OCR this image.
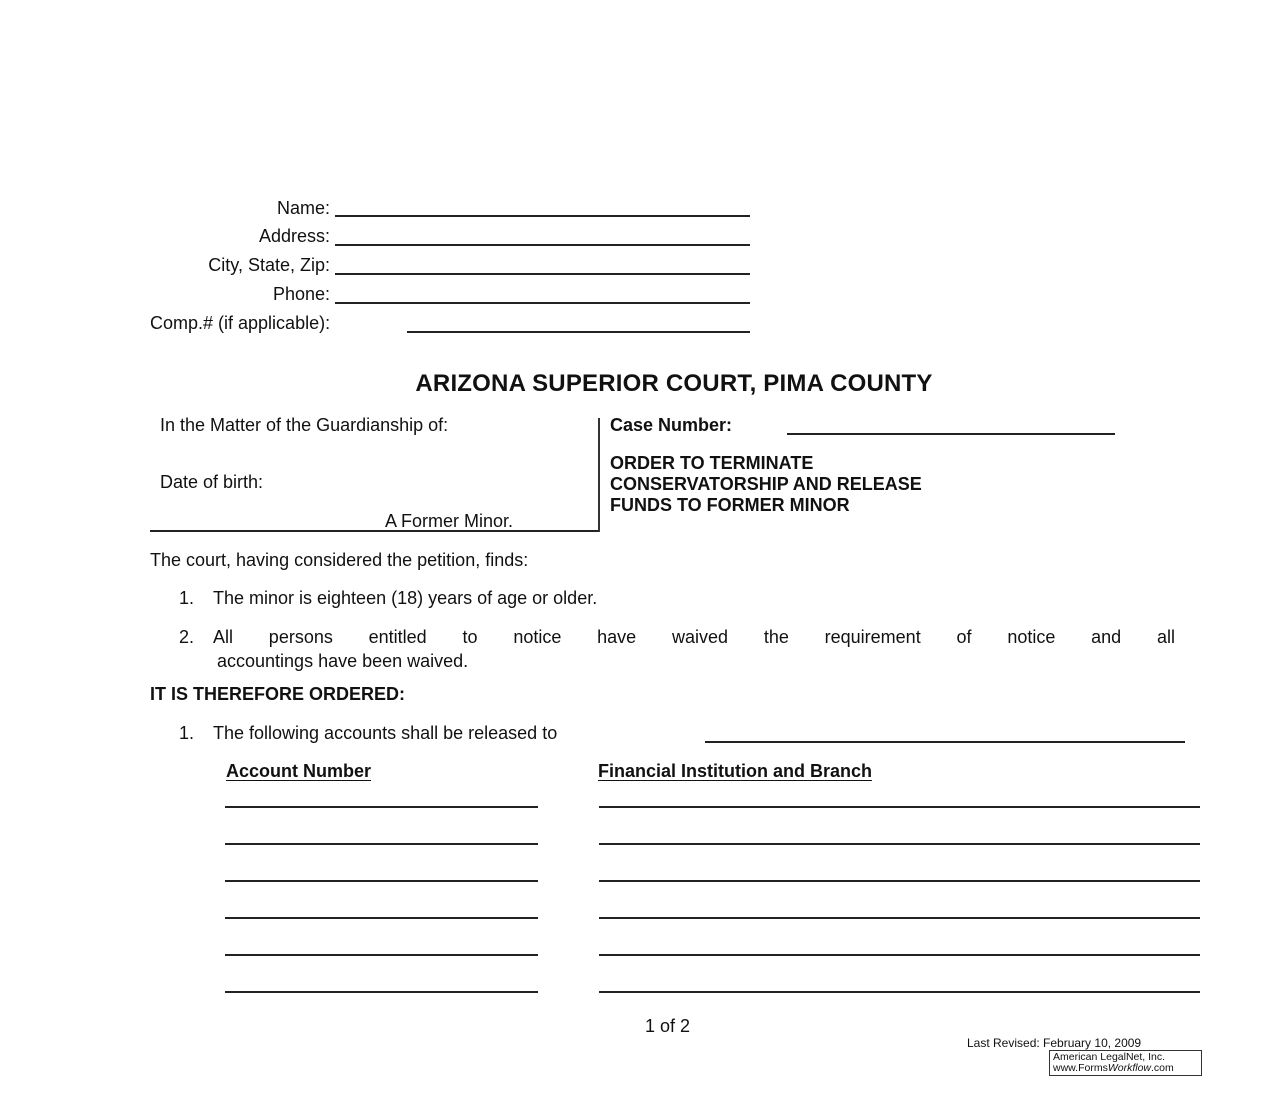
Name:
Address:
City, State, Zip:
Phone:
Comp.# (if applicable):
ARIZONA SUPERIOR COURT, PIMA COUNTY
In the Matter of the Guardianship of:
Date of birth:
A Former Minor.
Case Number:
ORDER TO TERMINATE
CONSERVATORSHIP AND RELEASE
FUNDS TO FORMER MINOR
The court, having considered the petition, finds:
1. The minor is eighteen (18) years of age or older.
2. All persons entitled to notice have waived the requirement of notice and all
accountings have been waived.
IT IS THEREFORE ORDERED:
1. The following accounts shall be released to
Account Number	Financial Institution and Branch
1 of 2
Last Revised: February 10, 2009
American LegalNet, Inc.
www.FormsWorkflow.com
